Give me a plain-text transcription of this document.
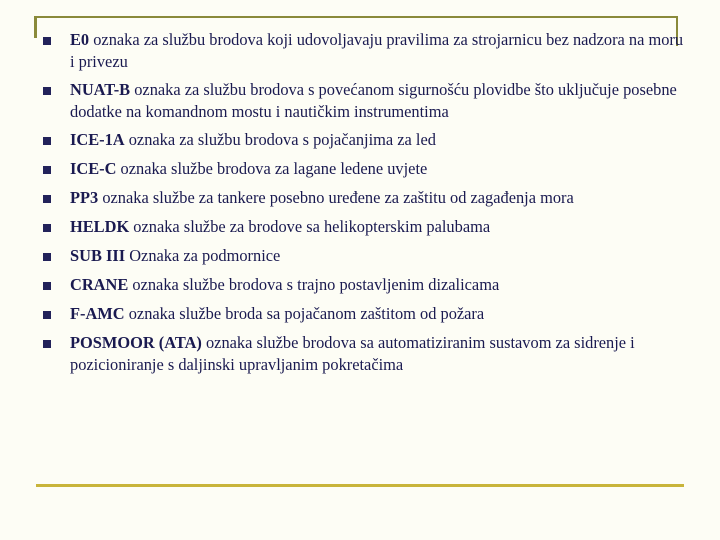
E0 oznaka za službu brodova koji udovoljavaju pravilima za strojarnicu bez nadzora na moru i privezu
NUAT-B oznaka za službu brodova s povećanom sigurnošću plovidbe što uključuje posebne dodatke na komandnom mostu i nautičkim instrumentima
ICE-1A oznaka za službu brodova s pojačanjima za led
ICE-C oznaka službe brodova za lagane ledene uvjete
PP3 oznaka službe za tankere posebno uređene za zaštitu od zagađenja mora
HELDK oznaka službe za brodove sa helikopterskim palubama
SUB III Oznaka za podmornice
CRANE oznaka službe brodova s trajno postavljenim dizalicama
F-AMC oznaka službe broda sa pojačanom zaštitom od požara
POSMOOR (ATA) oznaka službe brodova sa automatiziranim sustavom za sidrenje i pozicioniranje s daljinski upravljanim pokretačima
